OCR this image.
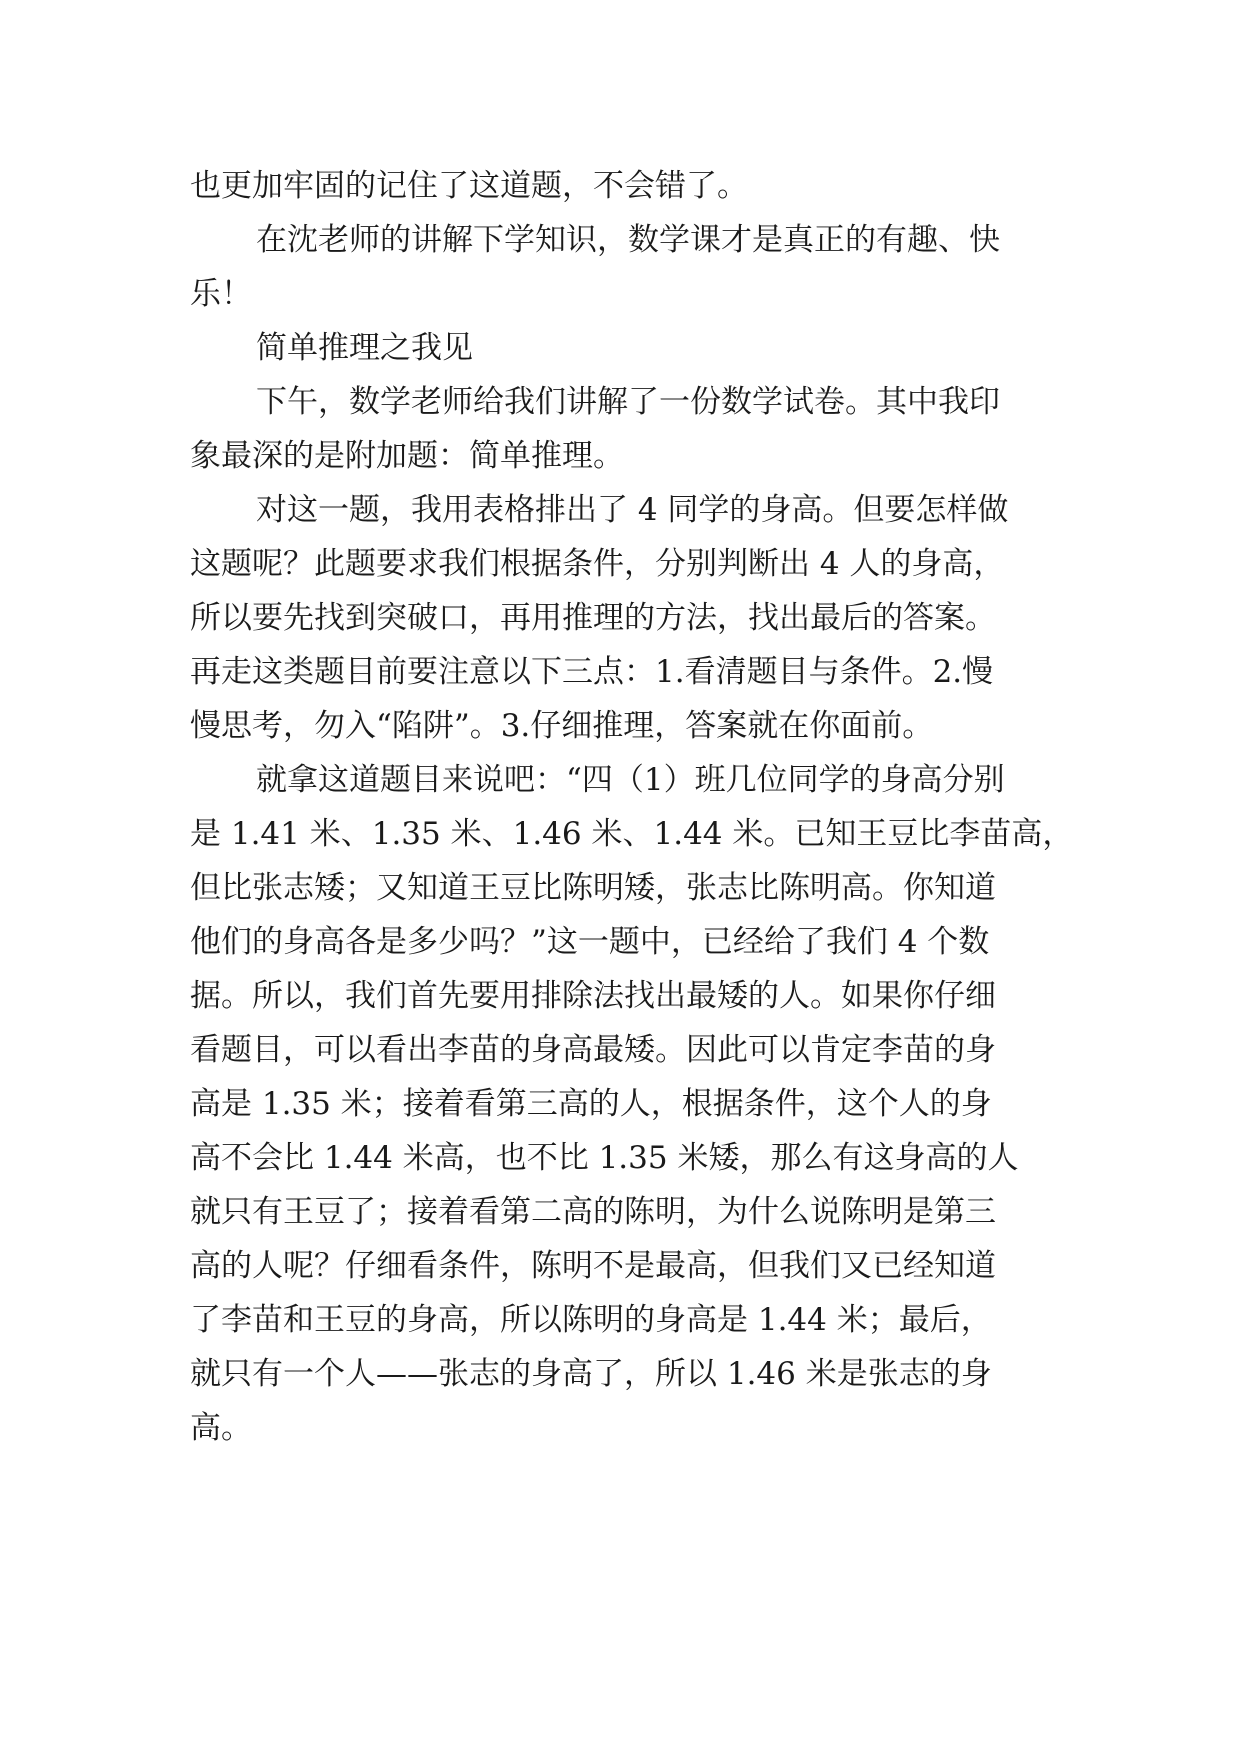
也更加牢固的记住了这道题，不会错了。
在沈老师的讲解下学知识，数学课才是真正的有趣、快
乐！
简单推理之我见
下午，数学老师给我们讲解了一份数学试卷。其中我印
象最深的是附加题：简单推理。
对这一题，我用表格排出了 4 同学的身高。但要怎样做
这题呢？此题要求我们根据条件，分别判断出 4 人的身高，
所以要先找到突破口，再用推理的方法，找出最后的答案。
再走这类题目前要注意以下三点：1.看清题目与条件。2.慢
慢思考，勿入“陷阱”。3.仔细推理，答案就在你面前。
就拿这道题目来说吧：“四（1）班几位同学的身高分别
是 1.41 米、1.35 米、1.46 米、1.44 米。已知王豆比李苗高，
但比张志矮；又知道王豆比陈明矮，张志比陈明高。你知道
他们的身高各是多少吗？”这一题中，已经给了我们 4 个数
据。所以，我们首先要用排除法找出最矮的人。如果你仔细
看题目，可以看出李苗的身高最矮。因此可以肯定李苗的身
高是 1.35 米；接着看第三高的人，根据条件，这个人的身
高不会比 1.44 米高，也不比 1.35 米矮，那么有这身高的人
就只有王豆了；接着看第二高的陈明，为什么说陈明是第三
高的人呢？仔细看条件，陈明不是最高，但我们又已经知道
了李苗和王豆的身高，所以陈明的身高是 1.44 米；最后，
就只有一个人——张志的身高了，所以 1.46 米是张志的身
高。
